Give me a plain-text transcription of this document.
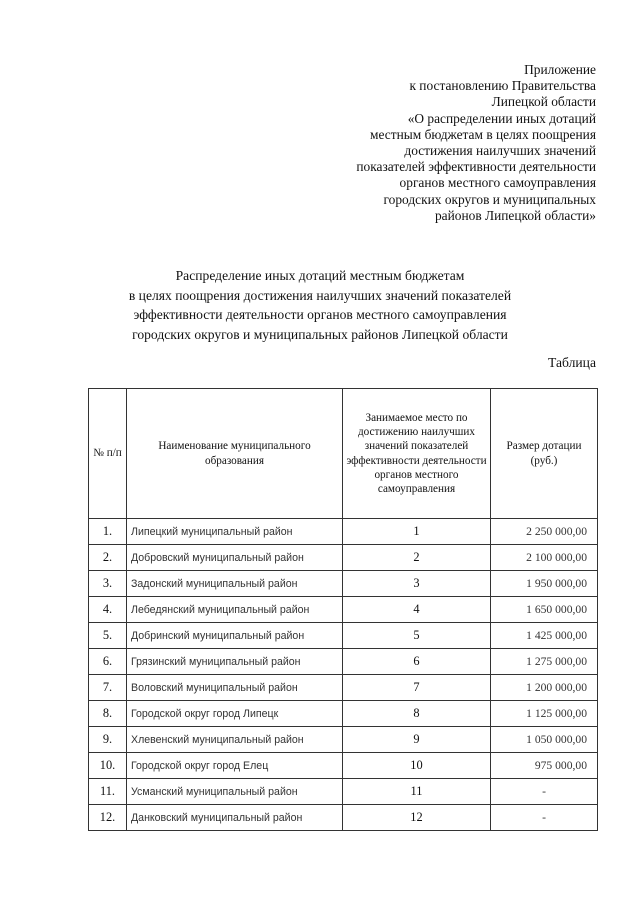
Приложение
к постановлению Правительства
Липецкой области
«О распределении иных дотаций
местным бюджетам в целях поощрения
достижения наилучших значений
показателей эффективности деятельности
органов местного самоуправления
городских округов и муниципальных
районов Липецкой области»
Распределение иных дотаций местным бюджетам
в целях поощрения достижения наилучших значений показателей
эффективности деятельности органов местного самоуправления
городских округов и муниципальных районов Липецкой области
Таблица
№ п/п	Наименование муниципального образования	Занимаемое место по достижению наилучших значений показателей эффективности деятельности органов местного самоуправления	Размер дотации (руб.)
1.	Липецкий муниципальный район	1	2 250 000,00
2.	Добровский муниципальный район	2	2 100 000,00
3.	Задонский муниципальный район	3	1 950 000,00
4.	Лебедянский муниципальный район	4	1 650 000,00
5.	Добринский муниципальный район	5	1 425 000,00
6.	Грязинский муниципальный район	6	1 275 000,00
7.	Воловский муниципальный район	7	1 200 000,00
8.	Городской округ город Липецк	8	1 125 000,00
9.	Хлевенский муниципальный район	9	1 050 000,00
10.	Городской округ город Елец	10	975 000,00
11.	Усманский муниципальный район	11	-
12.	Данковский муниципальный район	12	-
